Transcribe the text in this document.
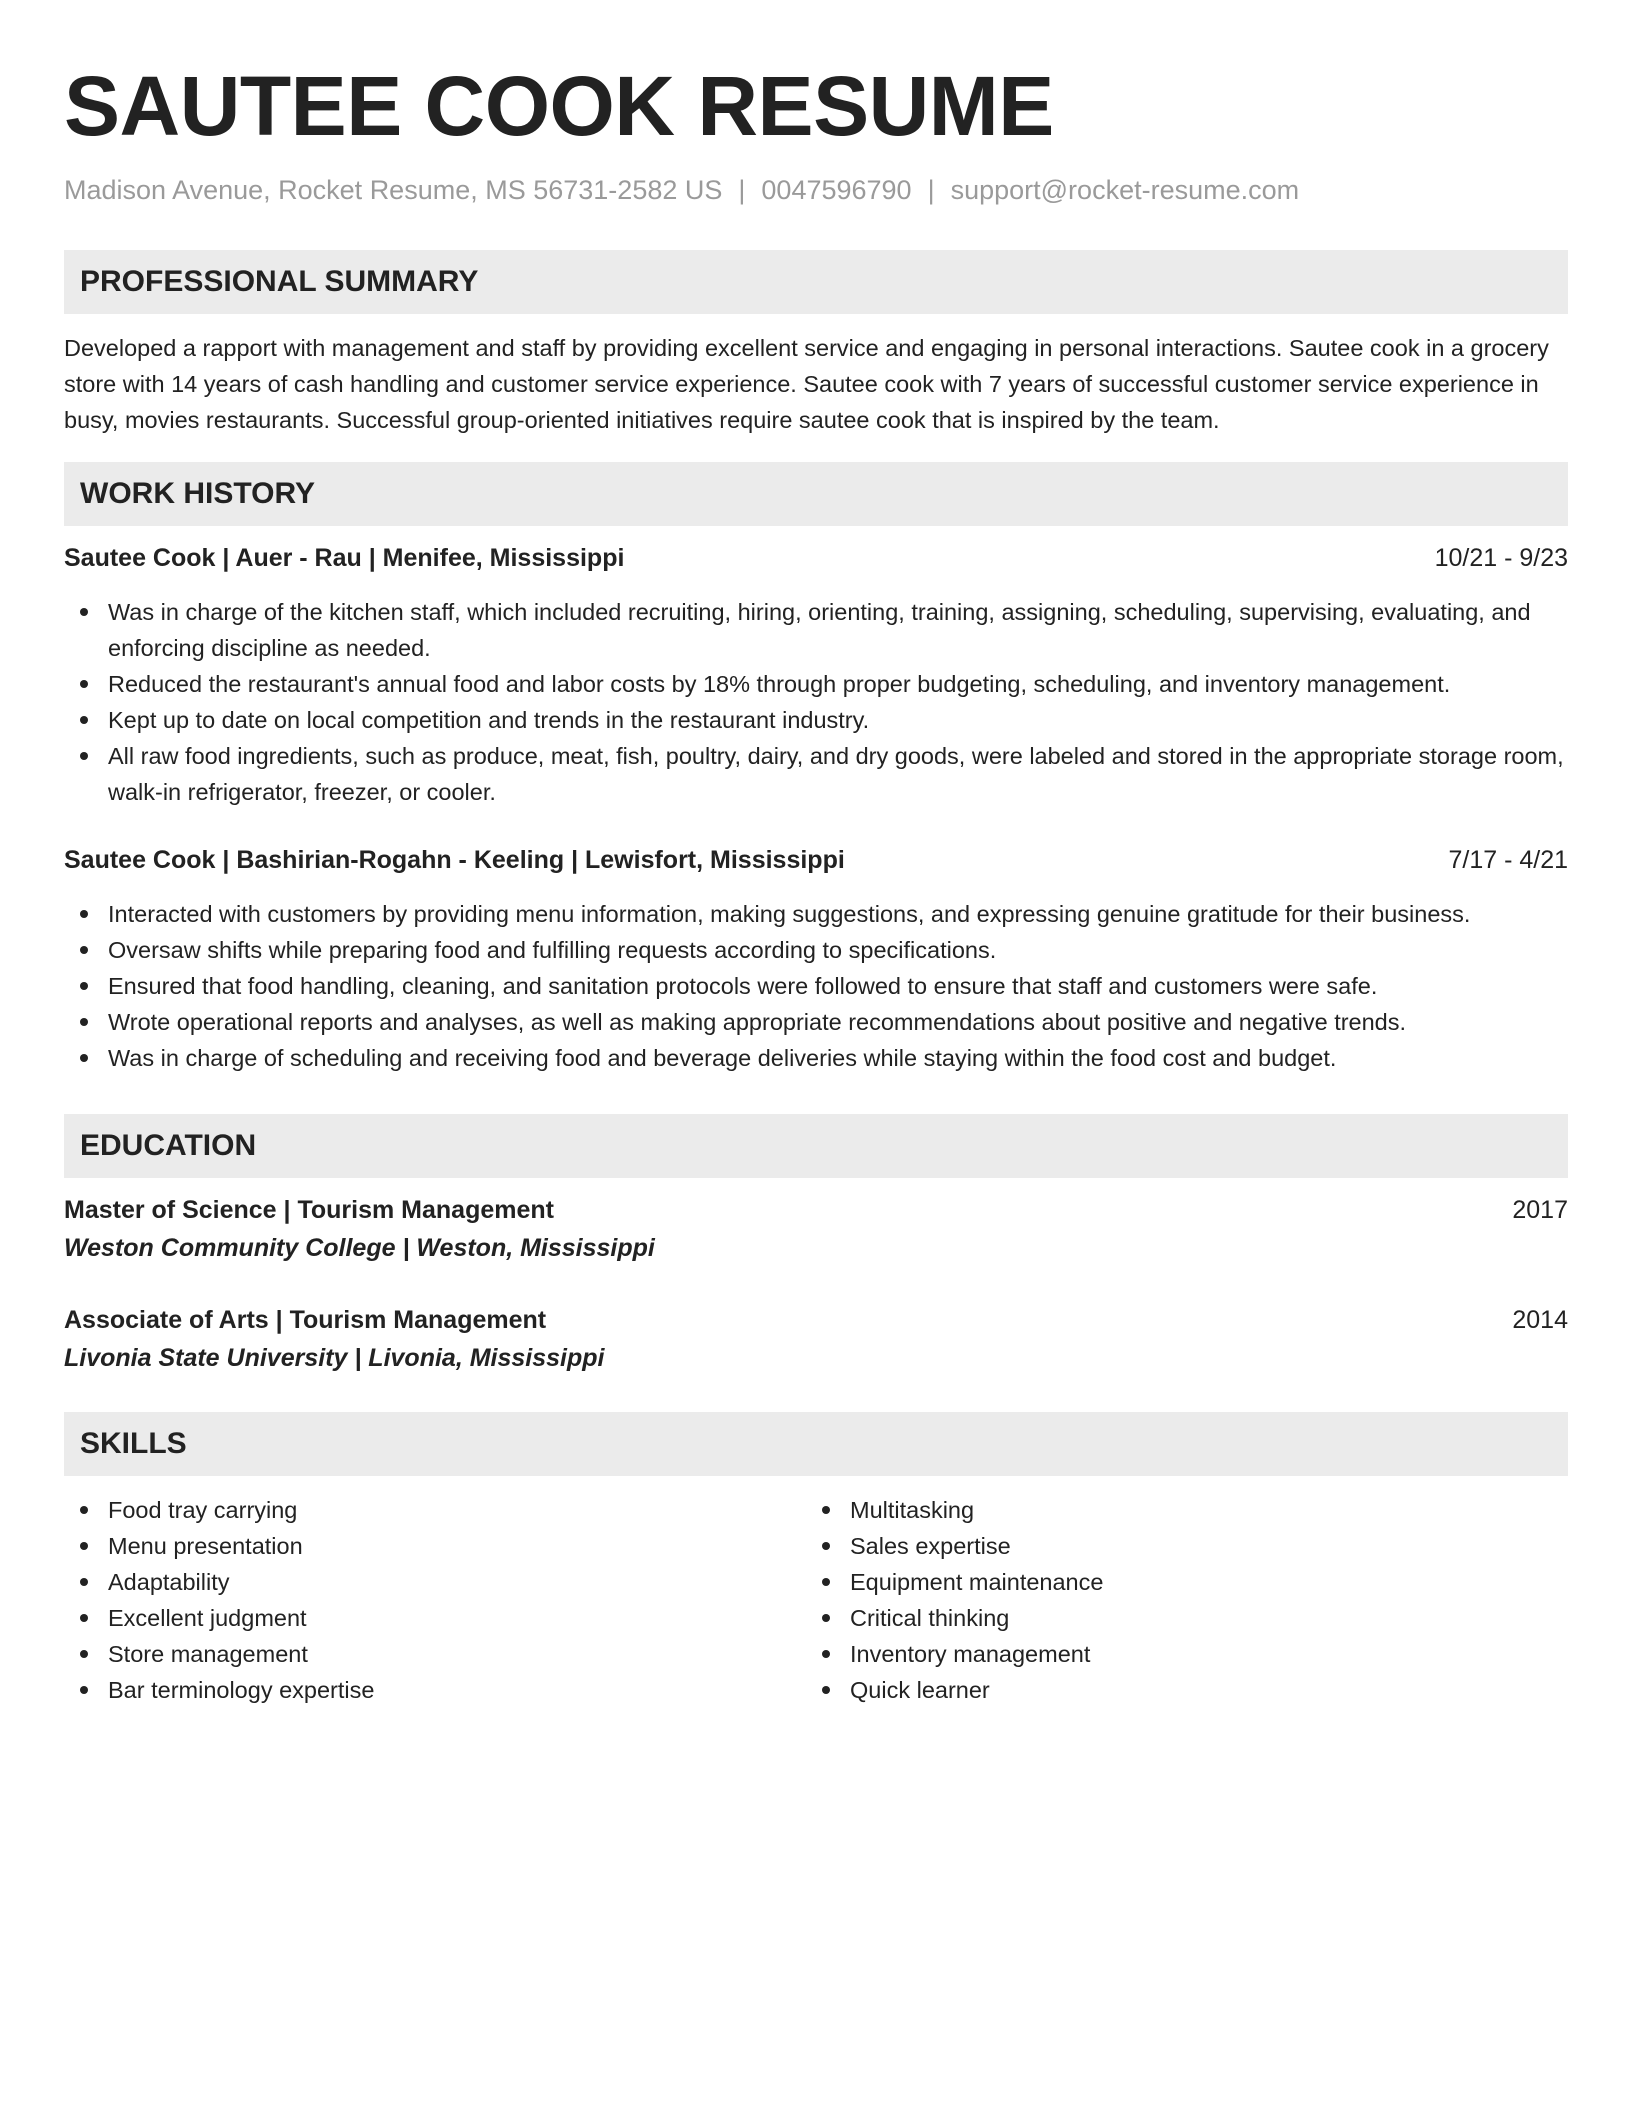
SAUTEE COOK RESUME
Madison Avenue, Rocket Resume, MS 56731-2582 US | 0047596790 | support@rocket-resume.com
PROFESSIONAL SUMMARY

Developed a rapport with management and staff by providing excellent service and engaging in personal interactions. Sautee cook in a grocery store with 14 years of cash handling and customer service experience. Sautee cook with 7 years of successful customer service experience in busy, movies restaurants. Successful group-oriented initiatives require sautee cook that is inspired by the team.

WORK HISTORY
Sautee Cook | Auer - Rau | Menifee, Mississippi	10/21 - 9/23
Was in charge of the kitchen staff, which included recruiting, hiring, orienting, training, assigning, scheduling, supervising, evaluating, and enforcing discipline as needed.
Reduced the restaurant's annual food and labor costs by 18% through proper budgeting, scheduling, and inventory management.
Kept up to date on local competition and trends in the restaurant industry.
All raw food ingredients, such as produce, meat, fish, poultry, dairy, and dry goods, were labeled and stored in the appropriate storage room, walk-in refrigerator, freezer, or cooler.
Sautee Cook | Bashirian-Rogahn - Keeling | Lewisfort, Mississippi	7/17 - 4/21
Interacted with customers by providing menu information, making suggestions, and expressing genuine gratitude for their business.
Oversaw shifts while preparing food and fulfilling requests according to specifications.
Ensured that food handling, cleaning, and sanitation protocols were followed to ensure that staff and customers were safe.
Wrote operational reports and analyses, as well as making appropriate recommendations about positive and negative trends.
Was in charge of scheduling and receiving food and beverage deliveries while staying within the food cost and budget.
EDUCATION
Master of Science | Tourism Management	2017
Weston Community College | Weston, Mississippi
Associate of Arts | Tourism Management	2014
Livonia State University | Livonia, Mississippi
SKILLS
Food tray carrying
Menu presentation
Adaptability
Excellent judgment
Store management
Bar terminology expertise
Multitasking
Sales expertise
Equipment maintenance
Critical thinking
Inventory management
Quick learner
